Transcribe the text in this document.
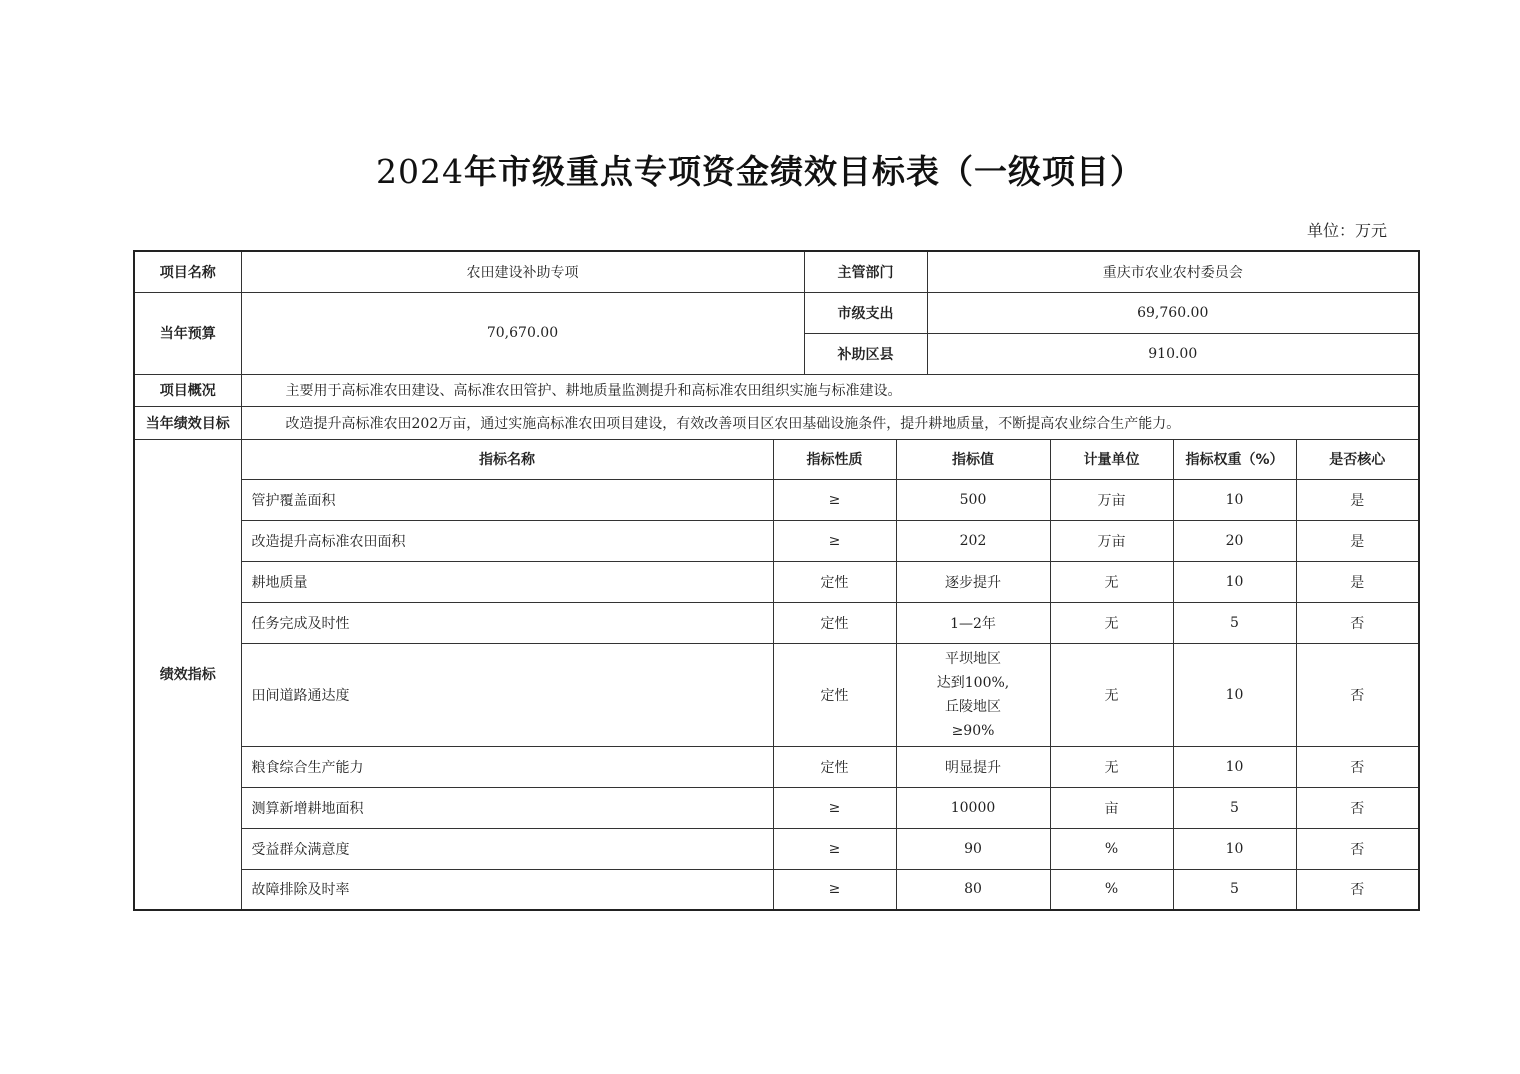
2024年市级重点专项资金绩效目标表（一级项目）
单位：万元
项目名称	农田建设补助专项		主管部门		重庆市农业农村委员会			
当年预算	70,670.00		市级支出		69,760.00			
			补助区县		910.00			
项目概况	主要用于高标准农田建设、高标准农田管护、耕地质量监测提升和高标准农田组织实施与标准建设。							
当年绩效目标	改造提升高标准农田202万亩，通过实施高标准农田项目建设，有效改善项目区农田基础设施条件，提升耕地质量，不断提高农业综合生产能力。							
绩效指标	指标名称	指标性质		指标值		计量单位	指标权重（%）	是否核心
	管护覆盖面积	≥		500		万亩	10	是
	改造提升高标准农田面积	≥		202		万亩	20	是
	耕地质量	定性		逐步提升		无	10	是
	任务完成及时性	定性		1—2年		无	5	否
	田间道路通达度	定性		平坝地区
达到100%,
丘陵地区
≥90%		无	10	否
	粮食综合生产能力	定性		明显提升		无	10	否
	测算新增耕地面积	≥		10000		亩	5	否
	受益群众满意度	≥		90		%	10	否
	故障排除及时率	≥		80		%	5	否
